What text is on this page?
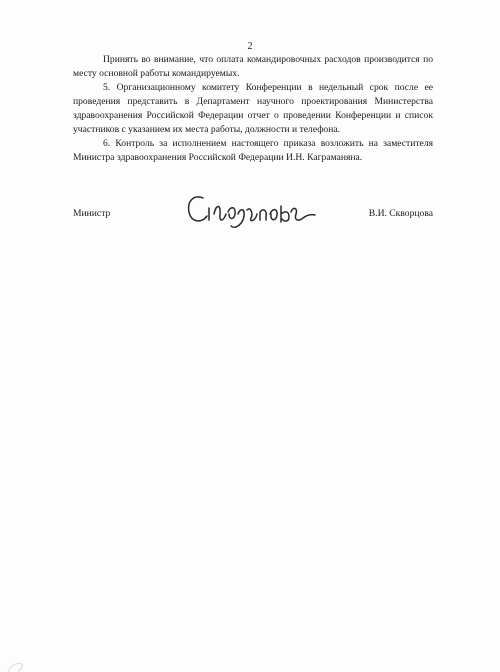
2

Принять во внимание, что оплата командировочных расходов производится по месту основной работы командируемых.

5. Организационному комитету Конференции в недельный срок после ее проведения представить в Департамент научного проектирования Министерства здравоохранения Российской Федерации отчет о проведении Конференции и список участников с указанием их места работы, должности и телефона.

6. Контроль за исполнением настоящего приказа возложить на заместителя Министра здравоохранения Российской Федерации И.Н. Каграманяна.

Министр	В.И. Скворцова
